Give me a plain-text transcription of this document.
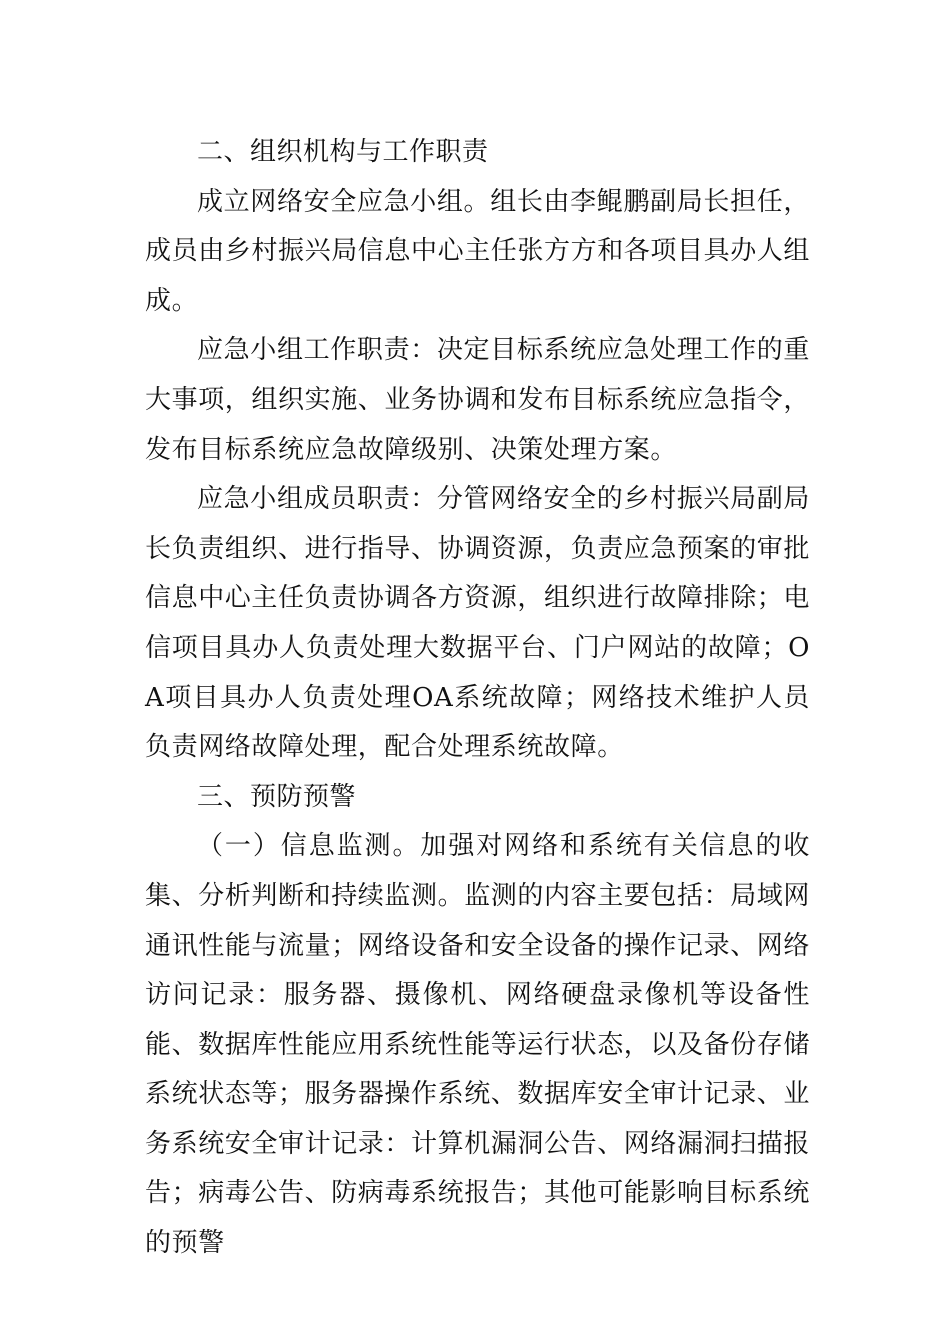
二、组织机构与工作职责

成立网络安全应急小组。组长由李鲲鹏副局长担任，成员由乡村振兴局信息中心主任张方方和各项目具办人组成。

应急小组工作职责：决定目标系统应急处理工作的重大事项，组织实施、业务协调和发布目标系统应急指令，发布目标系统应急故障级别、决策处理方案。

应急小组成员职责：分管网络安全的乡村振兴局副局长负责组织、进行指导、协调资源，负责应急预案的审批信息中心主任负责协调各方资源，组织进行故障排除；电信项目具办人负责处理大数据平台、门户网站的故障；OA项目具办人负责处理OA系统故障；网络技术维护人员负责网络故障处理，配合处理系统故障。

三、预防预警

（一）信息监测。加强对网络和系统有关信息的收集、分析判断和持续监测。监测的内容主要包括：局域网通讯性能与流量；网络设备和安全设备的操作记录、网络访问记录：服务器、摄像机、网络硬盘录像机等设备性能、数据库性能应用系统性能等运行状态，以及备份存储系统状态等；服务器操作系统、数据库安全审计记录、业务系统安全审计记录：计算机漏洞公告、网络漏洞扫描报告；病毒公告、防病毒系统报告；其他可能影响目标系统的预警
